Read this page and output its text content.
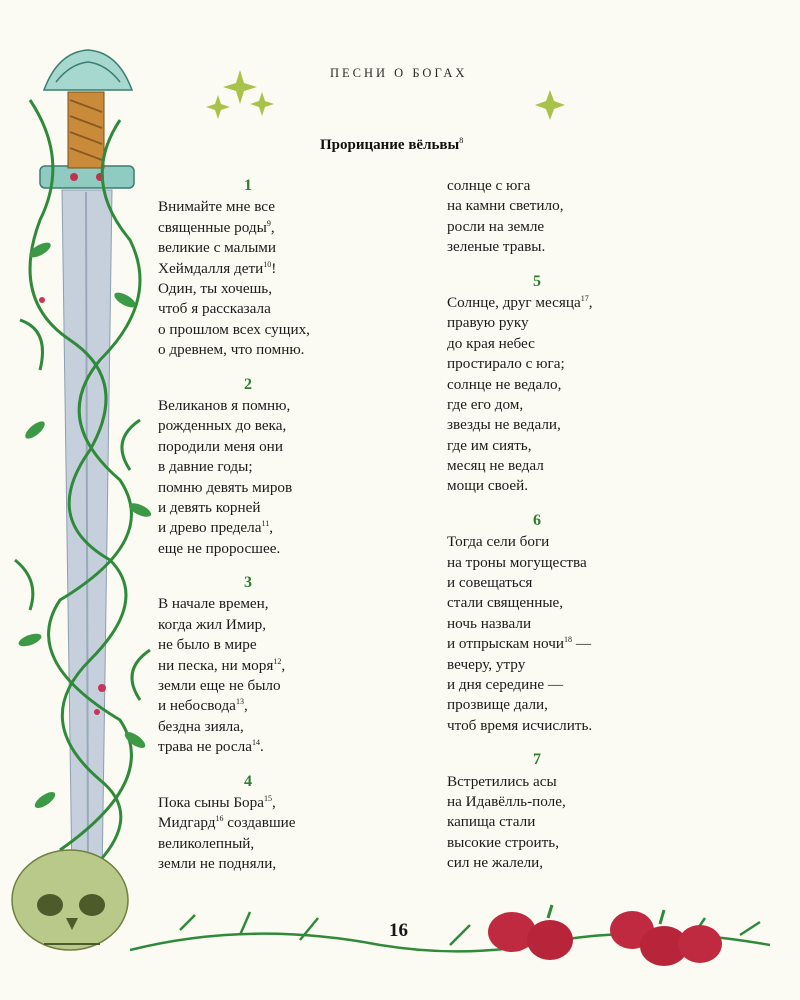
ПЕСНИ О БОГАХ
Прорицание вёльвы$^8$
1
Внимайте мне все
священные роды$^9$,
великие с малыми
Хеймдалля дети$^{10}$!
Один, ты хочешь,
чтоб я рассказала
о прошлом всех сущих,
о древнем, что помню.
2
Великанов я помню,
рожденных до века,
породили меня они
в давние годы;
помню девять миров
и девять корней
и древо предела$^{11}$,
еще не проросшее.
3
В начале времен,
когда жил Имир,
не было в мире
ни песка, ни моря$^{12}$,
земли еще не было
и небосвода$^{13}$,
бездна зияла,
трава не росла$^{14}$.
4
Пока сыны Бора$^{15}$,
Мидгард$^{16}$ создавшие
великолепный,
земли не подняли,
солнце с юга
на камни светило,
росли на земле
зеленые травы.
5
Солнце, друг месяца$^{17}$,
правую руку
до края небес
простирало с юга;
солнце не ведало,
где его дом,
звезды не ведали,
где им сиять,
месяц не ведал
мощи своей.
6
Тогда сели боги
на троны могущества
и совещаться
стали священные,
ночь назвали
и отпрыскам ночи$^{18}$ —
вечеру, утру
и дня середине —
прозвище дали,
чтоб время исчислить.
7
Встретились асы
на Идавёлль-поле,
капища стали
высокие строить,
сил не жалели,
16
